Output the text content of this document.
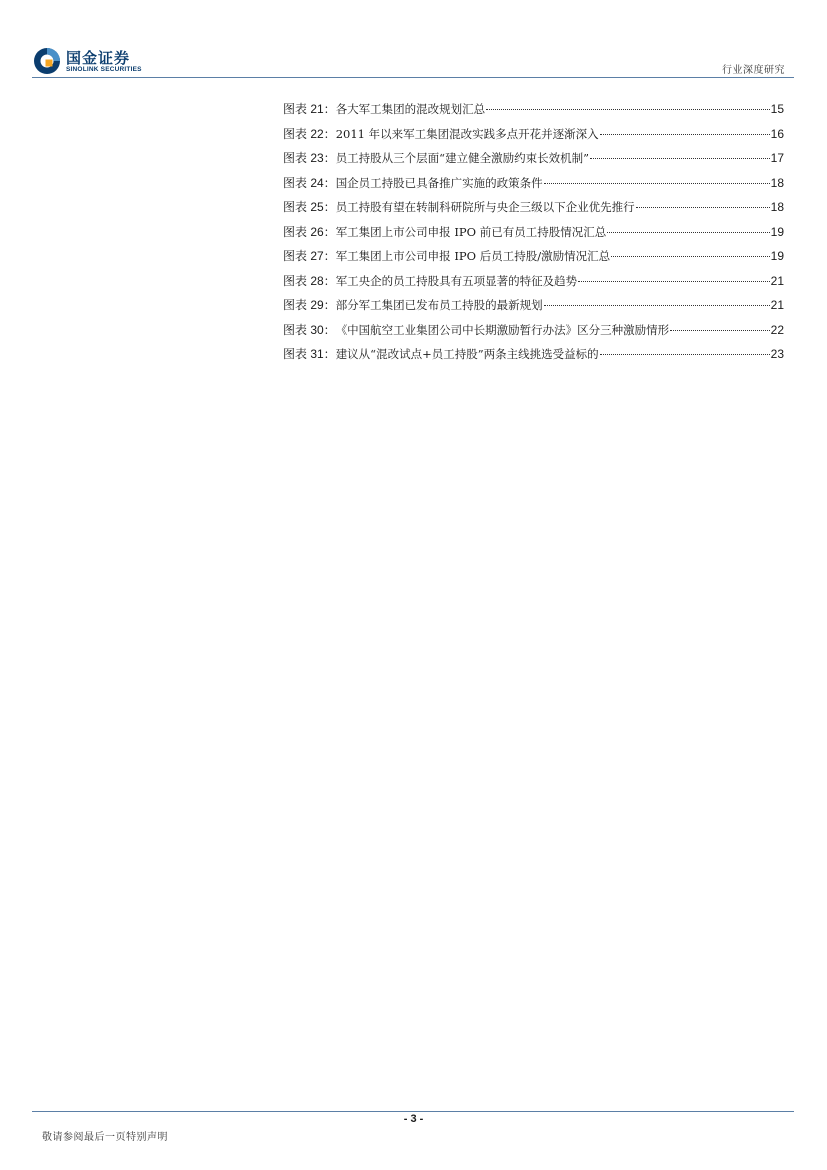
国金证券
SINOLINK SECURITIES	行业深度研究
图表 21： 各大军工集团的混改规划汇总	15
图表 22： 2011 年以来军工集团混改实践多点开花并逐渐深入	16
图表 23： 员工持股从三个层面“建立健全激励约束长效机制”	17
图表 24： 国企员工持股已具备推广实施的政策条件	18
图表 25： 员工持股有望在转制科研院所与央企三级以下企业优先推行	18
图表 26： 军工集团上市公司申报 IPO 前已有员工持股情况汇总	19
图表 27： 军工集团上市公司申报 IPO 后员工持股/激励情况汇总	19
图表 28： 军工央企的员工持股具有五项显著的特征及趋势	21
图表 29： 部分军工集团已发布员工持股的最新规划	21
图表 30： 《中国航空工业集团公司中长期激励暂行办法》区分三种激励情形	22
图表 31： 建议从“混改试点+员工持股”两条主线挑选受益标的	23
- 3 -
敬请参阅最后一页特别声明
